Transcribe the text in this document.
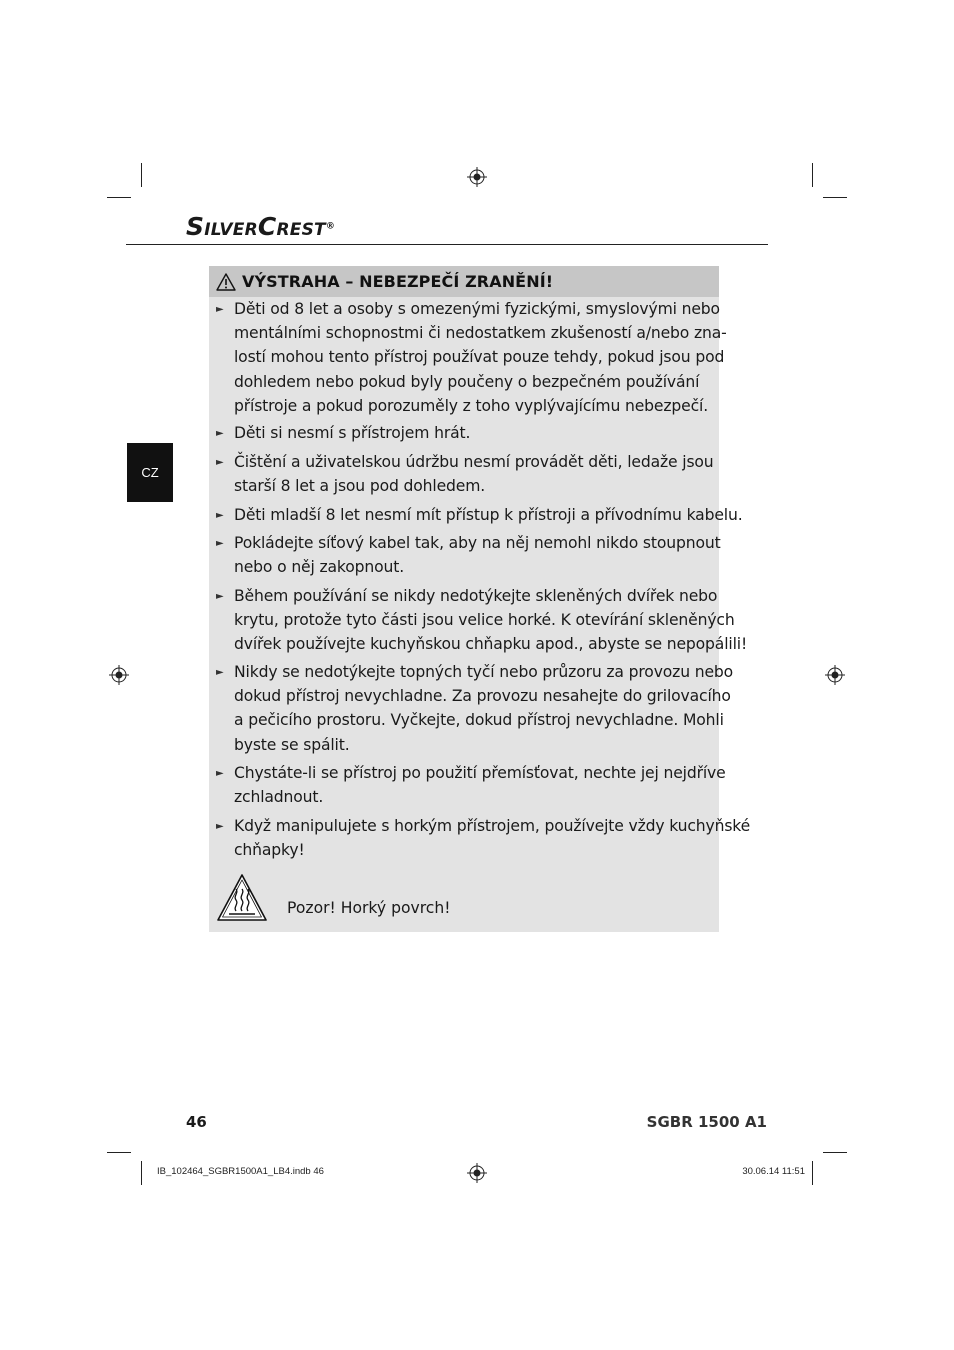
SILVERCREST®
CZ
VÝSTRAHA – NEBEZPEČÍ ZRANĚNÍ!
► Děti od 8 let a osoby s omezenými fyzickými, smyslovými nebo
mentálními schopnostmi či nedostatkem zkušeností a/nebo zna-
lostí mohou tento přístroj používat pouze tehdy, pokud jsou pod
dohledem nebo pokud byly poučeny o bezpečném používání
přístroje a pokud porozuměly z toho vyplývajícímu nebezpečí.
► Děti si nesmí s přístrojem hrát.
► Čištění a uživatelskou údržbu nesmí provádět děti, ledaže jsou
starší 8 let a jsou pod dohledem.
► Děti mladší 8 let nesmí mít přístup k přístroji a přívodnímu kabelu.
► Pokládejte síťový kabel tak, aby na něj nemohl nikdo stoupnout
nebo o něj zakopnout.
► Během používání se nikdy nedotýkejte skleněných dvířek nebo
krytu, protože tyto části jsou velice horké. K otevírání skleněných
dvířek používejte kuchyňskou chňapku apod., abyste se nepopálili!
► Nikdy se nedotýkejte topných tyčí nebo průzoru za provozu nebo
dokud přístroj nevychladne. Za provozu nesahejte do grilovacího
a pečicího prostoru. Vyčkejte, dokud přístroj nevychladne. Mohli
byste se spálit.
► Chystáte-li se přístroj po použití přemísťovat, nechte jej nejdříve
zchladnout.
► Když manipulujete s horkým přístrojem, používejte vždy kuchyňské
chňapky!
Pozor! Horký povrch!
46	SGBR 1500 A1
IB_102464_SGBR1500A1_LB4.indb 46	30.06.14 11:51
